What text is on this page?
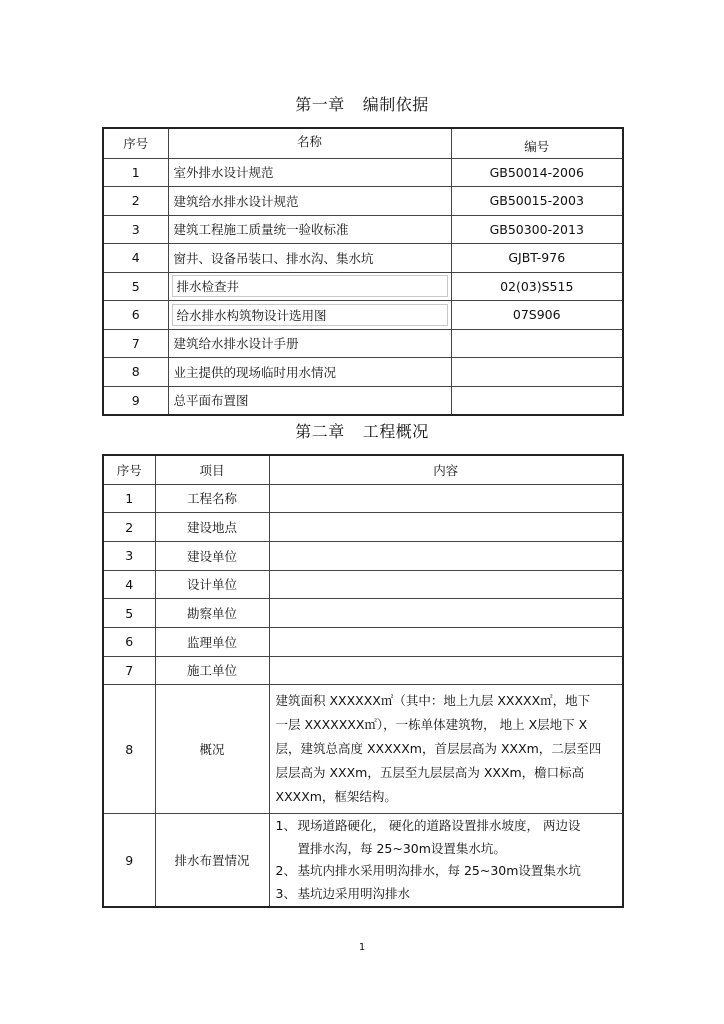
第一章 编制依据
序号	名称	编号
1	室外排水设计规范	GB50014-2006
2	建筑给水排水设计规范	GB50015-2003
3	建筑工程施工质量统一验收标准	GB50300-2013
4	窗井、设备吊装口、排水沟、集水坑	GJBT-976
5	排水检查井	02(03)S515
6	给水排水构筑物设计选用图	07S906
7	建筑给水排水设计手册	
8	业主提供的现场临时用水情况	
9	总平面布置图	
第二章 工程概况
序号	项目	内容
1	工程名称	
2	建设地点	
3	建设单位	
4	设计单位	
5	勘察单位	
6	监理单位	
7	施工单位	
8	概况	建筑面积 XXXXXX㎡（其中：地上九层 XXXXX㎡，地下
一层 XXXXXXX㎡），一栋单体建筑物， 地上 X层地下 X
层，建筑总高度 XXXXXm，首层层高为 XXXm，二层至四
层层高为 XXXm，五层至九层层高为 XXXm，檐口标高
XXXXm，框架结构。

9	排水布置情况	1、 现场道路硬化， 硬化的道路设置排水坡度， 两边设
置排水沟，每 25~30m设置集水坑。
2、 基坑内排水采用明沟排水，每 25~30m设置集水坑
3、 基坑边采用明沟排水
1
